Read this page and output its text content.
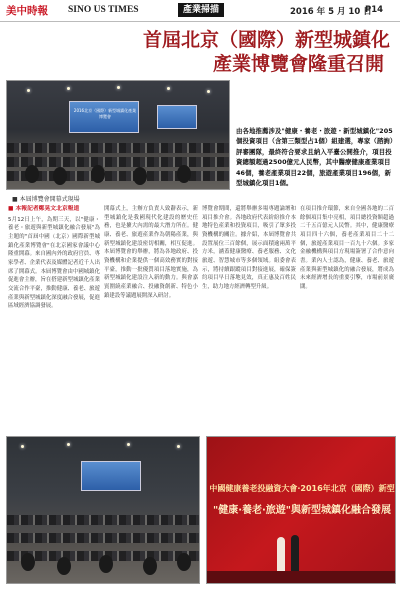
美中時報 SINO US TIMES	產業掃描	2016 年 5 月 10 日
P14
首屆北京（國際）新型城鎮化
產業博覽會隆重召開
2016北京（國際）新型城鎮化產業博覽會
■ 本屆博覽會開幕式現場
由各地推薦涉及"健康・養老・旅遊・新型城鎮化"205個投資項目（含第三類型占1個）組建選，專家（諮詢）評審團隊，最終符合要求且納入平臺公開推介，項目投資總額超過2500億元人民幣，其中醫療健康產業項目46個，養老產業項目22個，旅遊產業項目196個，新型城鎮化項目1個。
■ 本報記者鄭晃文北京報道
5月12日上午，為期三天，以"健康・養老・旅遊與新型城鎮化融合發展"為主題的"首屆中國（北京）國際新型城鎮化產業博覽會"在北京國家會議中心隆重開幕。來自國內外的政府官員、專家學者、企業代表及媒體記者近千人出席了開幕式。本屆博覽會由中國城鎮化促進會主辦，旨在搭建新型城鎮化產業交流合作平臺，推動健康、養老、旅遊產業與新型城鎮化深度融合發展，促進區域經濟協調發展。
開幕式上，主辦方負責人致辭表示，新型城鎮化是我國現代化建設的歷史任務，也是擴大內需的最大潛力所在。健康、養老、旅遊產業作為朝陽產業，與新型城鎮化建設密切相關，相互促進。本屆博覽會的舉辦，將為各地政府、投資機構和企業提供一個高效務實的對接平臺，推動一批優質項目落地實施，為新型城鎮化建設注入新的動力。與會嘉賓圍繞產業融合、投融資創新、特色小鎮建設等議題展開深入研討。
博覽會期間，還將舉辦多場專題論壇和項目推介會。各地政府代表紛紛推介本地特色產業和投資項目，吸引了眾多投資機構的關注。據介紹，本屆博覽會共設置展位三百餘個，展示面積逾兩萬平方米，涵蓋健康醫療、養老服務、文化旅遊、智慧城市等多個領域。組委會表示，將持續跟蹤項目對接進展，確保簽約項目早日落地見效，真正惠及百姓民生，助力地方經濟轉型升級。
在項目推介環節，來自全國各地的二百餘個項目集中亮相，項目總投資額超過二千五百億元人民幣。其中，健康醫療項目四十六個，養老產業項目二十二個，旅遊產業項目一百九十六個。多家金融機構與項目方現場簽署了合作意向書。業內人士認為，健康、養老、旅遊產業與新型城鎮化的融合發展，將成為未來經濟增長的重要引擎，市場前景廣闊。
中國健康養老投融資大會·2016年北京（國際）新型
"健康·養老·旅遊"與新型城鎮化融合發展
